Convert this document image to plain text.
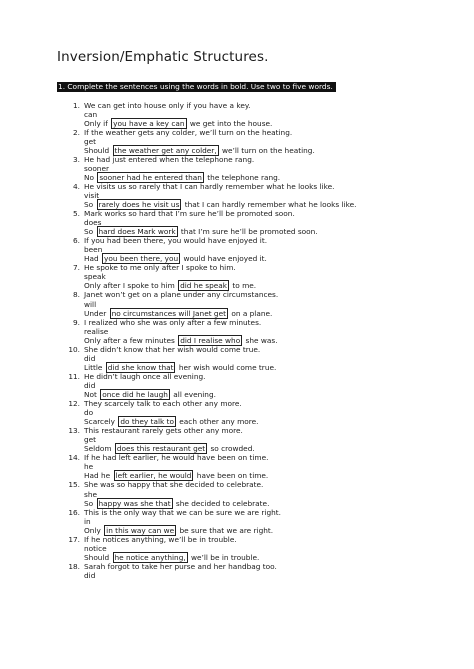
Inversion/Emphatic Structures.
1. Complete the sentences using the words in bold. Use two to five words.
1. We can get into house only if you have a key.
can
Only if you have a key can we get into the house.
2. If the weather gets any colder, we’ll turn on the heating.
get
Should the weather get any colder, we’ll turn on the heating.
3. He had just entered when the telephone rang.
sooner
No sooner had he entered than the telephone rang.
4. He visits us so rarely that I can hardly remember what he looks like.
visit
So rarely does he visit us that I can hardly remember what he looks like.
5. Mark works so hard that I’m sure he’ll be promoted soon.
does
So hard does Mark work that I’m sure he’ll be promoted soon.
6. If you had been there, you would have enjoyed it.
been
Had you been there, you would have enjoyed it.
7. He spoke to me only after I spoke to him.
speak
Only after I spoke to him did he speak to me.
8. Janet won’t get on a plane under any circumstances.
will
Under no circumstances will Janet get on a plane.
9. I realized who she was only after a few minutes.
realise
Only after a few minutes did I realise who she was.
10. She didn’t know that her wish would come true.
did
Little did she know that her wish would come true.
11. He didn’t laugh once all evening.
did
Not once did he laugh all evening.
12. They scarcely talk to each other any more.
do
Scarcely do they talk to each other any more.
13. This restaurant rarely gets other any more.
get
Seldom does this restaurant get so crowded.
14. If he had left earlier, he would have been on time.
he
Had he left earlier, he would have been on time.
15. She was so happy that she decided to celebrate.
she
So happy was she that she decided to celebrate.
16. This is the only way that we can be sure we are right.
in
Only in this way can we be sure that we are right.
17. If he notices anything, we’ll be in trouble.
notice
Should he notice anything, we’ll be in trouble.
18. Sarah forgot to take her purse and her handbag too.
did
